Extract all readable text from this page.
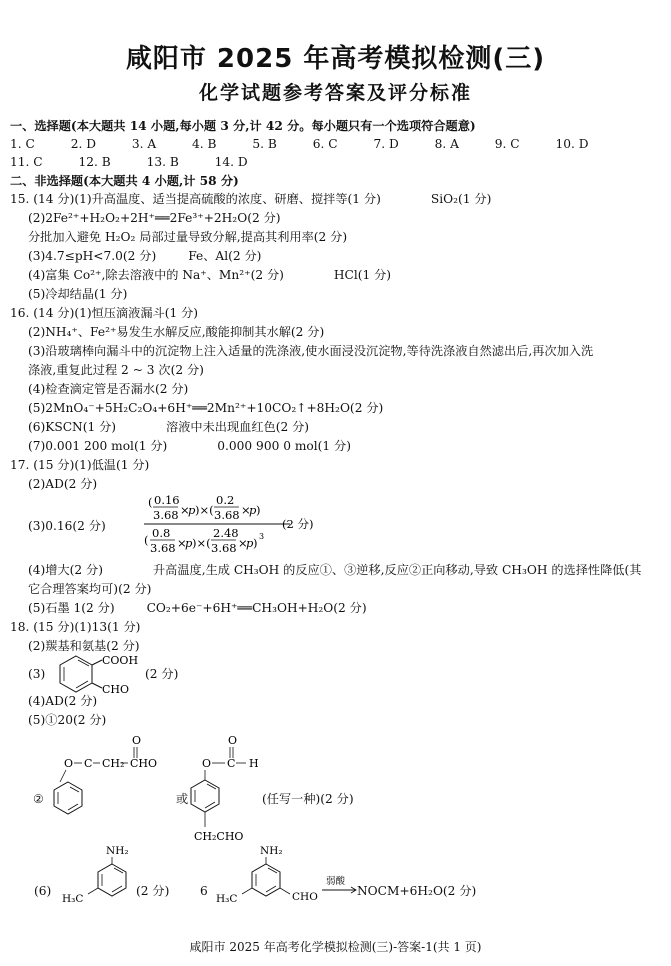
咸阳市 2025 年高考模拟检测(三)
化学试题参考答案及评分标准
一、选择题(本大题共 14 小题,每小题 3 分,计 42 分。每小题只有一个选项符合题意)
1. C	2. D	3. A	4. B	5. B	6. C	7. D	8. A	9. C	10. D
11. C	12. B	13. B	14. D
二、非选择题(本大题共 4 小题,计 58 分)
15. (14 分)(1)升高温度、适当提高硫酸的浓度、研磨、搅拌等(1 分)	SiO₂(1 分)
(2)2Fe²⁺+H₂O₂+2H⁺══2Fe³⁺+2H₂O(2 分)
分批加入避免 H₂O₂ 局部过量导致分解,提高其利用率(2 分)
(3)4.7≤pH<7.0(2 分)	Fe、Al(2 分)
(4)富集 Co²⁺,除去溶液中的 Na⁺、Mn²⁺(2 分)	HCl(1 分)
(5)冷却结晶(1 分)
16. (14 分)(1)恒压滴液漏斗(1 分)
(2)NH₄⁺、Fe²⁺易发生水解反应,酸能抑制其水解(2 分)
(3)沿玻璃棒向漏斗中的沉淀物上注入适量的洗涤液,使水面浸没沉淀物,等待洗涤液自然滤出后,再次加入洗
涤液,重复此过程 2 ~ 3 次(2 分)
(4)检查滴定管是否漏水(2 分)
(5)2MnO₄⁻+5H₂C₂O₄+6H⁺══2Mn²⁺+10CO₂↑+8H₂O(2 分)
(6)KSCN(1 分)	溶液中未出现血红色(2 分)
(7)0.001 200 mol(1 分)	0.000 900 0 mol(1 分)
17. (15 分)(1)低温(1 分)
(2)AD(2 分)
(3)0.16(2 分)
( 0.16
3.68 ×
p )×(
0.2
3.68 ×
p )
( 0.8
3.68 ×
p )×(
2.48
3.68 ×
p ) 3
(2 分)
(4)增大(2 分)	升高温度,生成 CH₃OH 的反应①、③逆移,反应②正向移动,导致 CH₃OH 的选择性降低(其
它合理答案均可)(2 分)
(5)石墨 1(2 分)	CO₂+6e⁻+6H⁺══CH₃OH+H₂O(2 分)
18. (15 分)(1)13(1 分)
(2)羰基和氨基(2 分)
(3)
COOH
CHO
(2 分)
(4)AD(2 分)
(5)①20(2 分)
②
O
O C CH₂ CHO
或
O
O C H
CH₂CHO
(任写一种)(2 分)
(6)
NH₂
H₃C
(2 分)	6
NH₂
H₃C	CHO
弱酸
NOCM+6H₂O(2 分)
咸阳市 2025 年高考化学模拟检测(三)-答案-1(共 1 页)
